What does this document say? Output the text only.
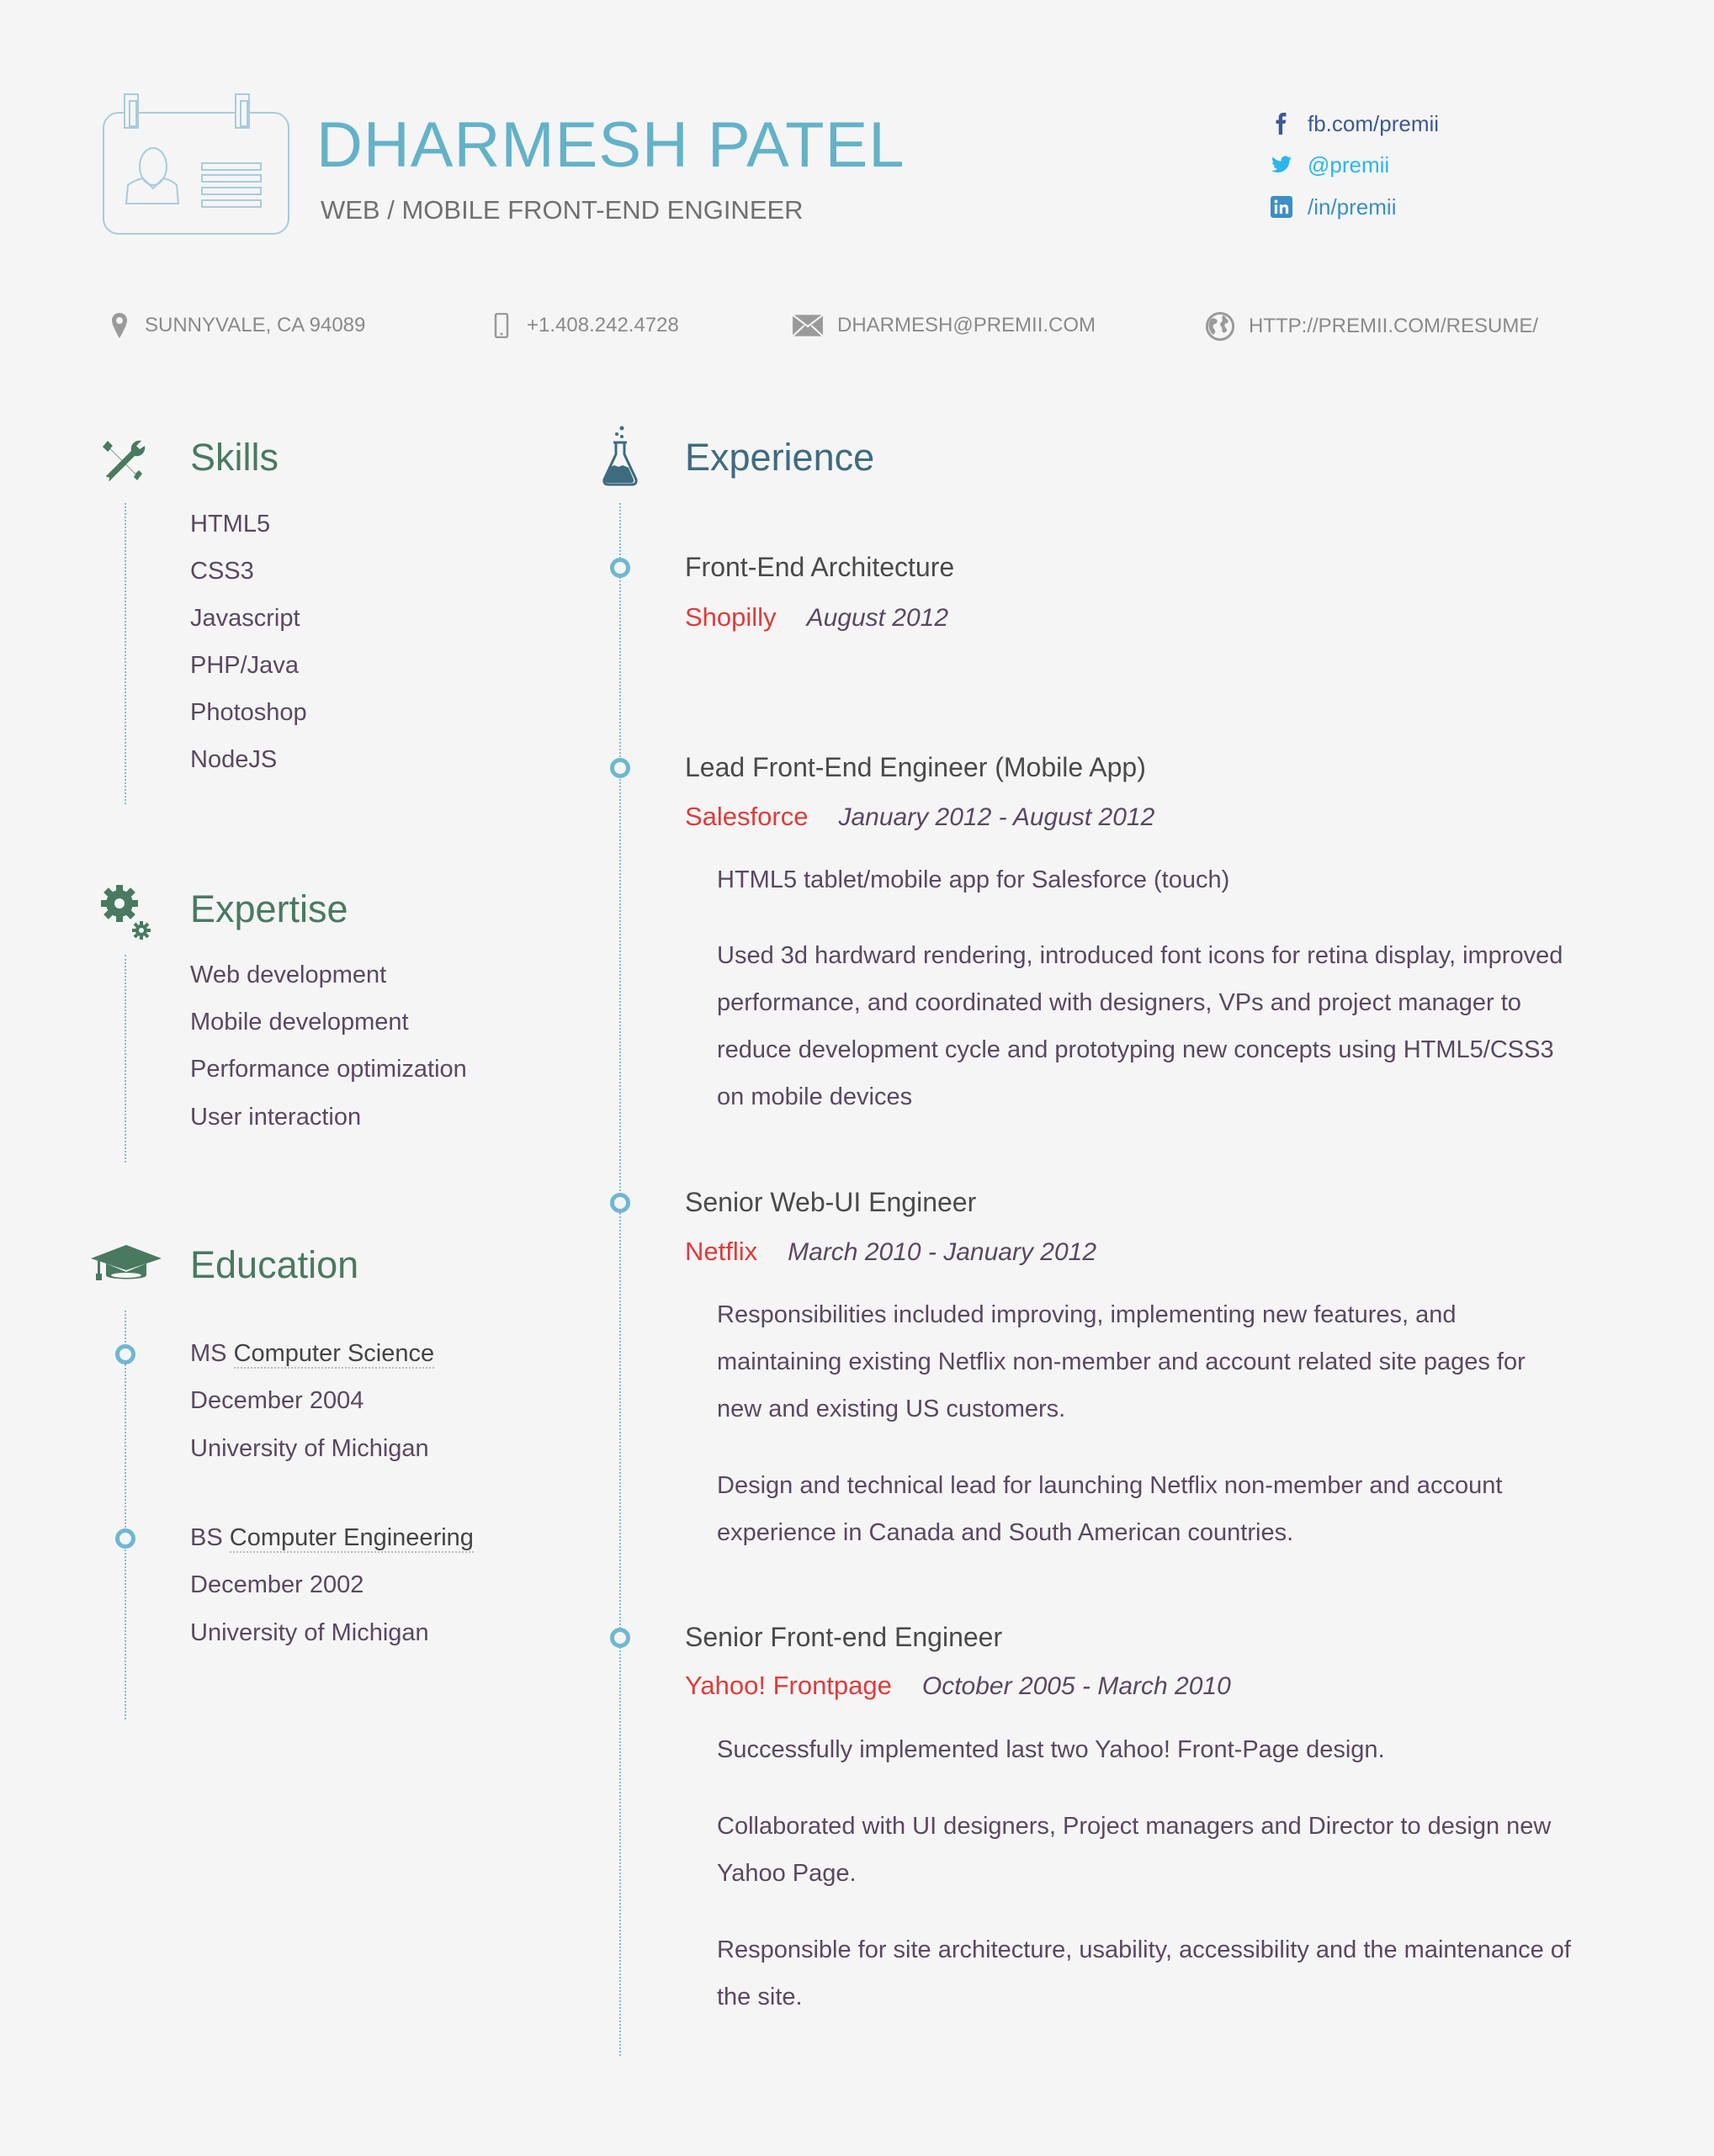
DHARMESH PATEL
WEB / MOBILE FRONT-END ENGINEER
fb.com/premii
@premii
/in/premii
SUNNYVALE, CA 94089	+1.408.242.4728	DHARMESH@PREMII.COM	HTTP://PREMII.COM/RESUME/
Skills
HTML5
CSS3
Javascript
PHP/Java
Photoshop
NodeJS
Expertise
Web development
Mobile development
Performance optimization
User interaction
Education
MS Computer Science
December 2004
University of Michigan
BS Computer Engineering
December 2002
University of Michigan
Experience
Front-End Architecture
Shopilly August 2012
Lead Front-End Engineer (Mobile App)
Salesforce January 2012 - August 2012
HTML5 tablet/mobile app for Salesforce (touch)
Used 3d hardward rendering, introduced font icons for retina display, improved performance, and coordinated with designers, VPs and project manager to reduce development cycle and prototyping new concepts using HTML5/CSS3 on mobile devices
Senior Web-UI Engineer
Netflix March 2010 - January 2012
Responsibilities included improving, implementing new features, and maintaining existing Netflix non-member and account related site pages for new and existing US customers.
Design and technical lead for launching Netflix non-member and account experience in Canada and South American countries.
Senior Front-end Engineer
Yahoo! Frontpage October 2005 - March 2010
Successfully implemented last two Yahoo! Front-Page design.
Collaborated with UI designers, Project managers and Director to design new Yahoo Page.
Responsible for site architecture, usability, accessibility and the maintenance of the site.
